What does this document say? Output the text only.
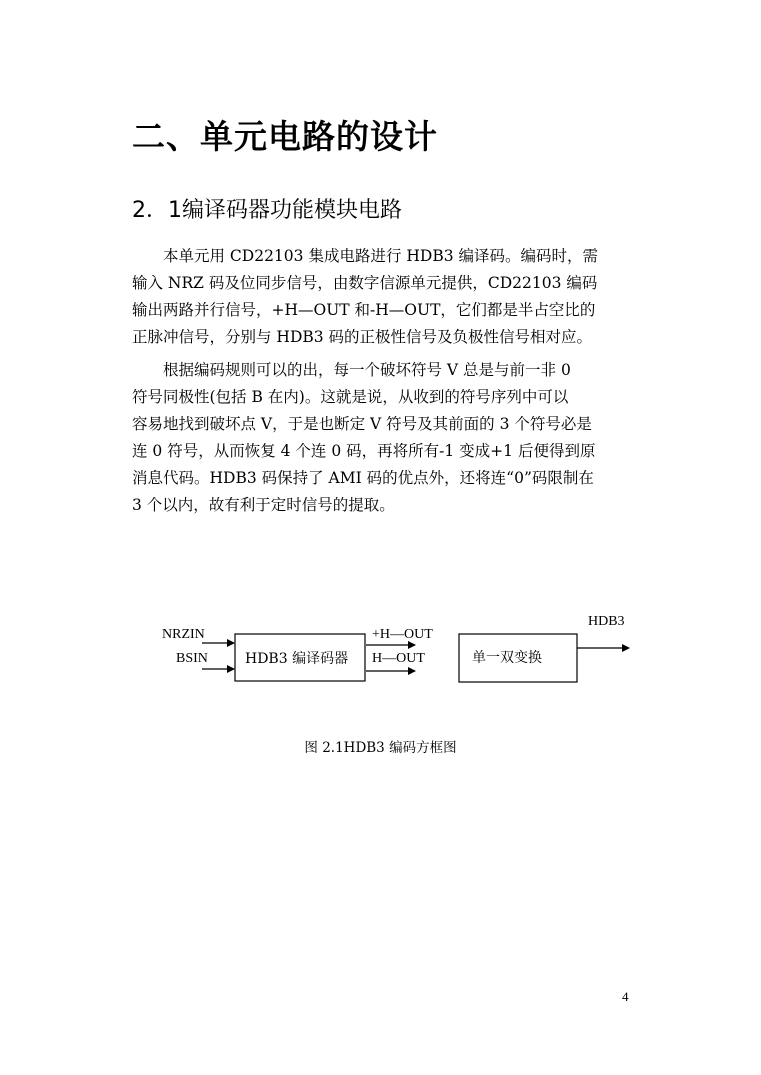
二、单元电路的设计
2．1编译码器功能模块电路
本单元用 CD22103 集成电路进行 HDB3 编译码。编码时，需
输入 NRZ 码及位同步信号，由数字信源单元提供，CD22103 编码
输出两路并行信号，+H—OUT 和-H—OUT，它们都是半占空比的
正脉冲信号，分别与 HDB3 码的正极性信号及负极性信号相对应。
根据编码规则可以的出，每一个破坏符号 V 总是与前一非 0
符号同极性(包括 B 在内)。这就是说，从收到的符号序列中可以
容易地找到破坏点 V，于是也断定 V 符号及其前面的 3 个符号必是
连 0 符号，从而恢复 4 个连 0 码，再将所有-1 变成+1 后便得到原
消息代码。HDB3 码保持了 AMI 码的优点外，还将连“0”码限制在
3 个以内，故有利于定时信号的提取。
NRZIN
BSIN	HDB3 编译码器
+H—OUT
H—OUT	单一双变换
HDB3
图 2.1HDB3 编码方框图
4
